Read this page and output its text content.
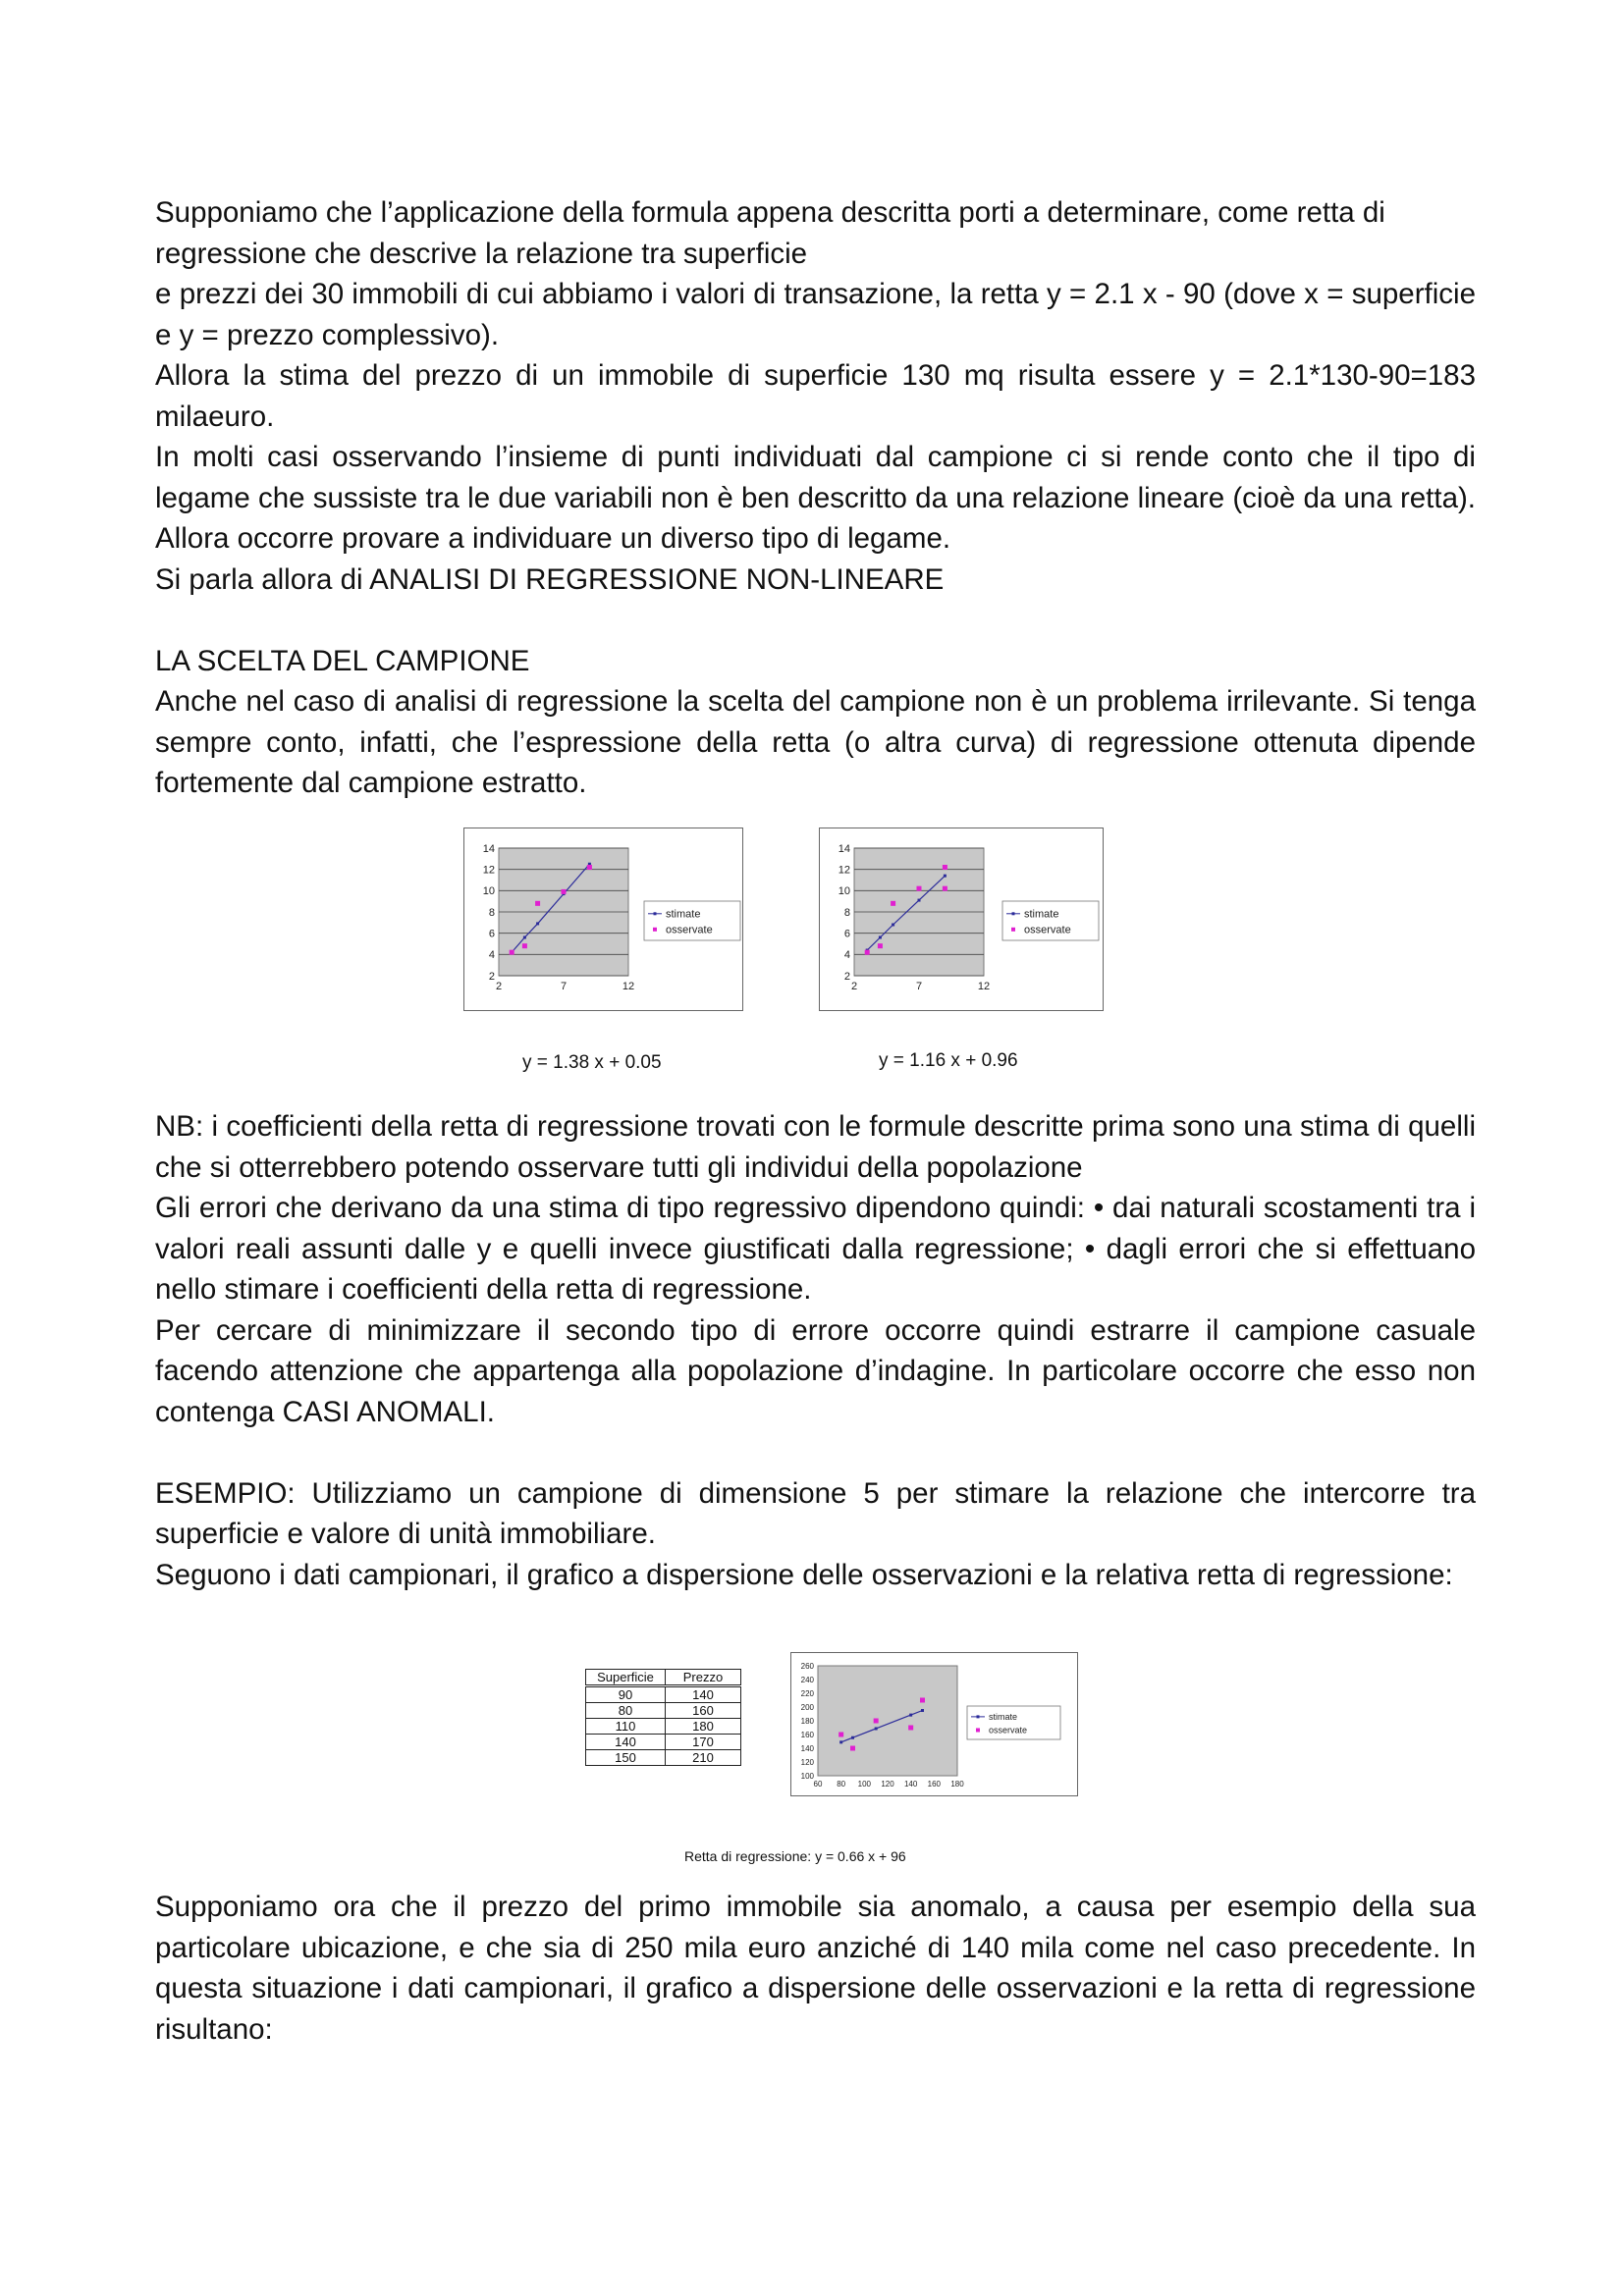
Supponiamo che l’applicazione della formula appena descritta porti a determinare, come retta di regressione che descrive la relazione tra superficie

e prezzi dei 30 immobili di cui abbiamo i valori di transazione, la retta y = 2.1 x - 90 (dove x = superficie e y = prezzo complessivo).

Allora la stima del prezzo di un immobile di superficie 130 mq risulta essere y = 2.1*130-90=183 milaeuro.

In molti casi osservando l’insieme di punti individuati dal campione ci si rende conto che il tipo di legame che sussiste tra le due variabili non è ben descritto da una relazione lineare (cioè da una retta). Allora occorre provare a individuare un diverso tipo di legame.

Si parla allora di ANALISI DI REGRESSIONE NON-LINEARE

LA SCELTA DEL CAMPIONE

Anche nel caso di analisi di regressione la scelta del campione non è un problema irrilevante. Si tenga sempre conto, infatti, che l’espressione della retta (o altra curva) di regressione ottenuta dipende fortemente dal campione estratto.

2
4
6
8
10
12
14
2	7	12
stimate
osservate
y = 1.38 x + 0.05
2
4
6
8
10
12
14
2	7	12
stimate
osservate
y = 1.16 x + 0.96

NB: i coefficienti della retta di regressione trovati con le formule descritte prima sono una stima di quelli che si otterrebbero potendo osservare tutti gli individui della popolazione

Gli errori che derivano da una stima di tipo regressivo dipendono quindi: • dai naturali scostamenti tra i valori reali assunti dalle y e quelli invece giustificati dalla regressione; • dagli errori che si effettuano nello stimare i coefficienti della retta di regressione.

Per cercare di minimizzare il secondo tipo di errore occorre quindi estrarre il campione casuale facendo attenzione che appartenga alla popolazione d’indagine. In particolare occorre che esso non contenga CASI ANOMALI.

ESEMPIO: Utilizziamo un campione di dimensione 5 per stimare la relazione che intercorre tra superficie e valore di unità immobiliare.

Seguono i dati campionari, il grafico a dispersione delle osservazioni e la relativa retta di regressione:

Superficie	Prezzo
90	140
80	160
110	180
140	170
150	210
100
120
140
160
180
200
220
240
260
60 80 100 120 140 160 180
stimate
osservate
Retta di regressione: y = 0.66 x + 96

Supponiamo ora che il prezzo del primo immobile sia anomalo, a causa per esempio della sua particolare ubicazione, e che sia di 250 mila euro anziché di 140 mila come nel caso precedente. In questa situazione i dati campionari, il grafico a dispersione delle osservazioni e la retta di regressione risultano:
